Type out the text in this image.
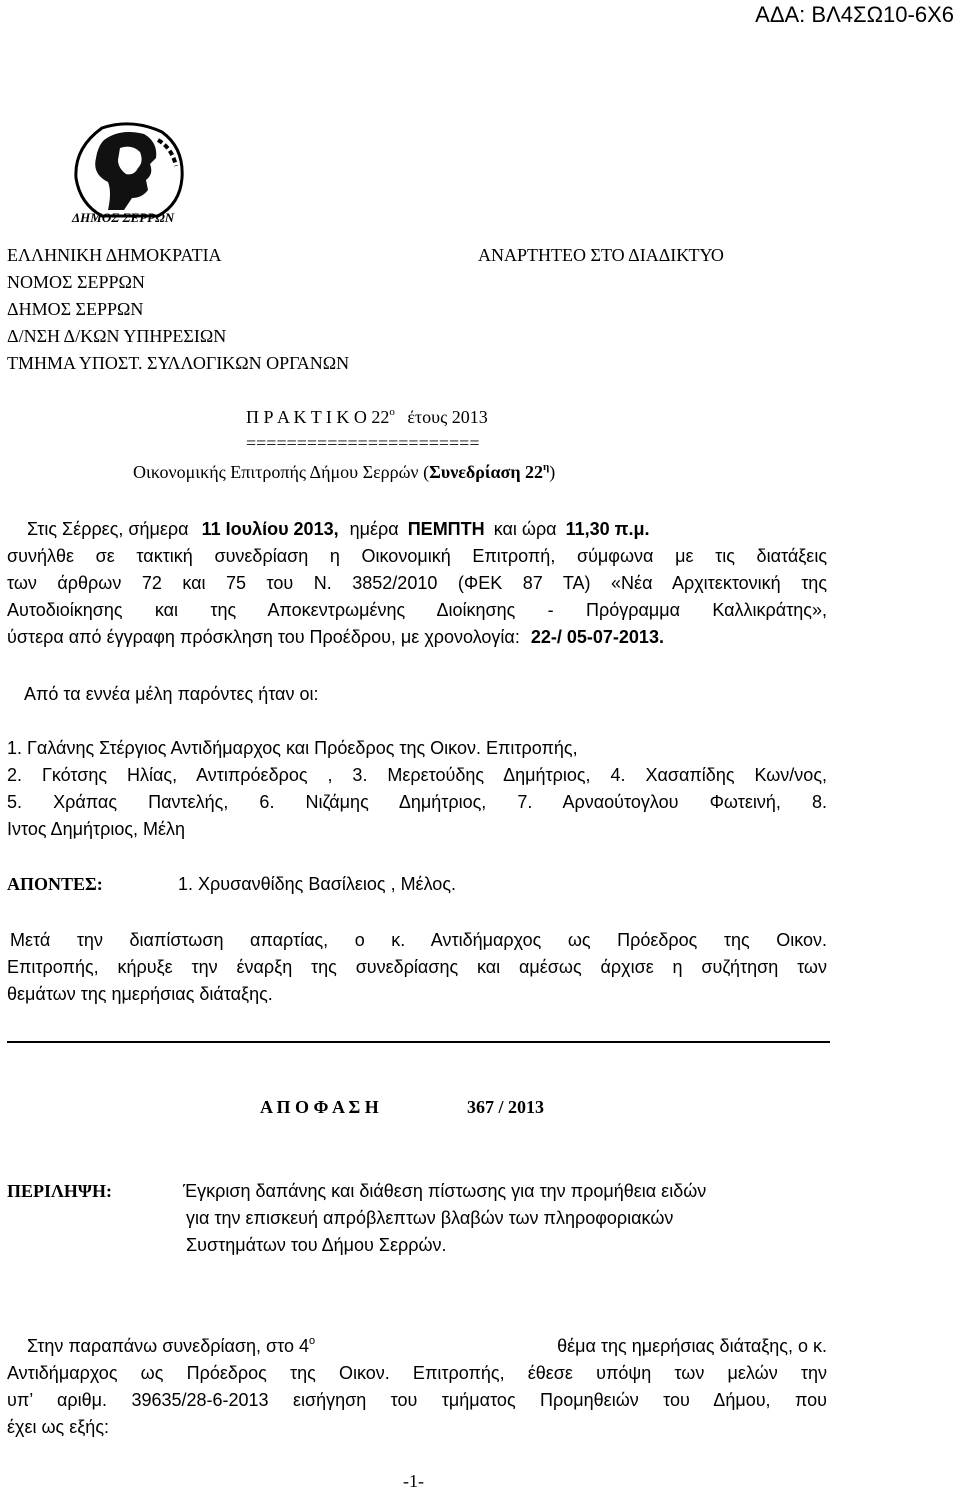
ΑΔΑ: ΒΛ4ΣΩ10-6Χ6
ΔΗΜΟΣ ΣΕΡΡΩΝ
ΕΛΛΗΝΙΚΗ ΔΗΜΟΚΡΑΤΙΑ
ΝΟΜΟΣ ΣΕΡΡΩΝ
ΔΗΜΟΣ ΣΕΡΡΩΝ
Δ/ΝΣΗ Δ/ΚΩΝ ΥΠΗΡΕΣΙΩΝ
ΤΜΗΜΑ ΥΠΟΣΤ. ΣΥΛΛΟΓΙΚΩΝ ΟΡΓΑΝΩΝ
ΑΝΑΡΤΗΤΕΟ ΣΤΟ ΔΙΑΔΙΚΤΥΟ
Π Ρ Α Κ Τ Ι Κ Ο $22^o$ έτους 2013
=======================
Οικονομικής Επιτροπής Δήμου Σερρών (Συνεδρίαση $22^\eta$)
Στις Σέρρες, σήμερα 11 Ιουλίου 2013, ημέρα ΠΕΜΠΤΗ και ώρα 11,30 π.μ.
συνήλθε σε τακτική συνεδρίαση η Οικονομική Επιτροπή, σύμφωνα με τις διατάξεις
των άρθρων 72 και 75 του Ν. 3852/2010 (ΦΕΚ 87 ΤΑ) «Νέα Αρχιτεκτονική της
Αυτοδιοίκησης και της Αποκεντρωμένης Διοίκησης - Πρόγραμμα Καλλικράτης»,
ύστερα από έγγραφη πρόσκληση του Προέδρου, με χρονολογία: 22-/ 05-07-2013.
Από τα εννέα μέλη παρόντες ήταν οι:
1. Γαλάνης Στέργιος Αντιδήμαρχος και Πρόεδρος της Οικον. Επιτροπής,
2. Γκότσης Ηλίας, Αντιπρόεδρος , 3. Μερετούδης Δημήτριος, 4. Χασαπίδης Κων/νος,
5. Χράπας Παντελής, 6. Νιζάμης Δημήτριος, 7. Αρναούτογλου Φωτεινή, 8.
Ιντος Δημήτριος, Μέλη
ΑΠΟΝΤΕΣ:	1. Χρυσανθίδης Βασίλειος , Μέλος.
Μετά την διαπίστωση απαρτίας, ο κ. Αντιδήμαρχος ως Πρόεδρος της Οικον.
Επιτροπής, κήρυξε την έναρξη της συνεδρίασης και αμέσως άρχισε η συζήτηση των
θεμάτων της ημερήσιας διάταξης.
Α Π Ο Φ Α Σ Η	367 / 2013
ΠΕΡΙΛΗΨΗ:	Έγκριση δαπάνης και διάθεση πίστωσης για την προμήθεια ειδών
για την επισκευή απρόβλεπτων βλαβών των πληροφοριακών
Συστημάτων του Δήμου Σερρών.
Στην παραπάνω συνεδρίαση, στο $4^o$	θέμα της ημερήσιας διάταξης, ο κ.
Αντιδήμαρχος ως Πρόεδρος της Οικον. Επιτροπής, έθεσε υπόψη των μελών την
υπ’ αριθμ. 39635/28-6-2013 εισήγηση του τμήματος Προμηθειών του Δήμου, που
έχει ως εξής:
-1-
